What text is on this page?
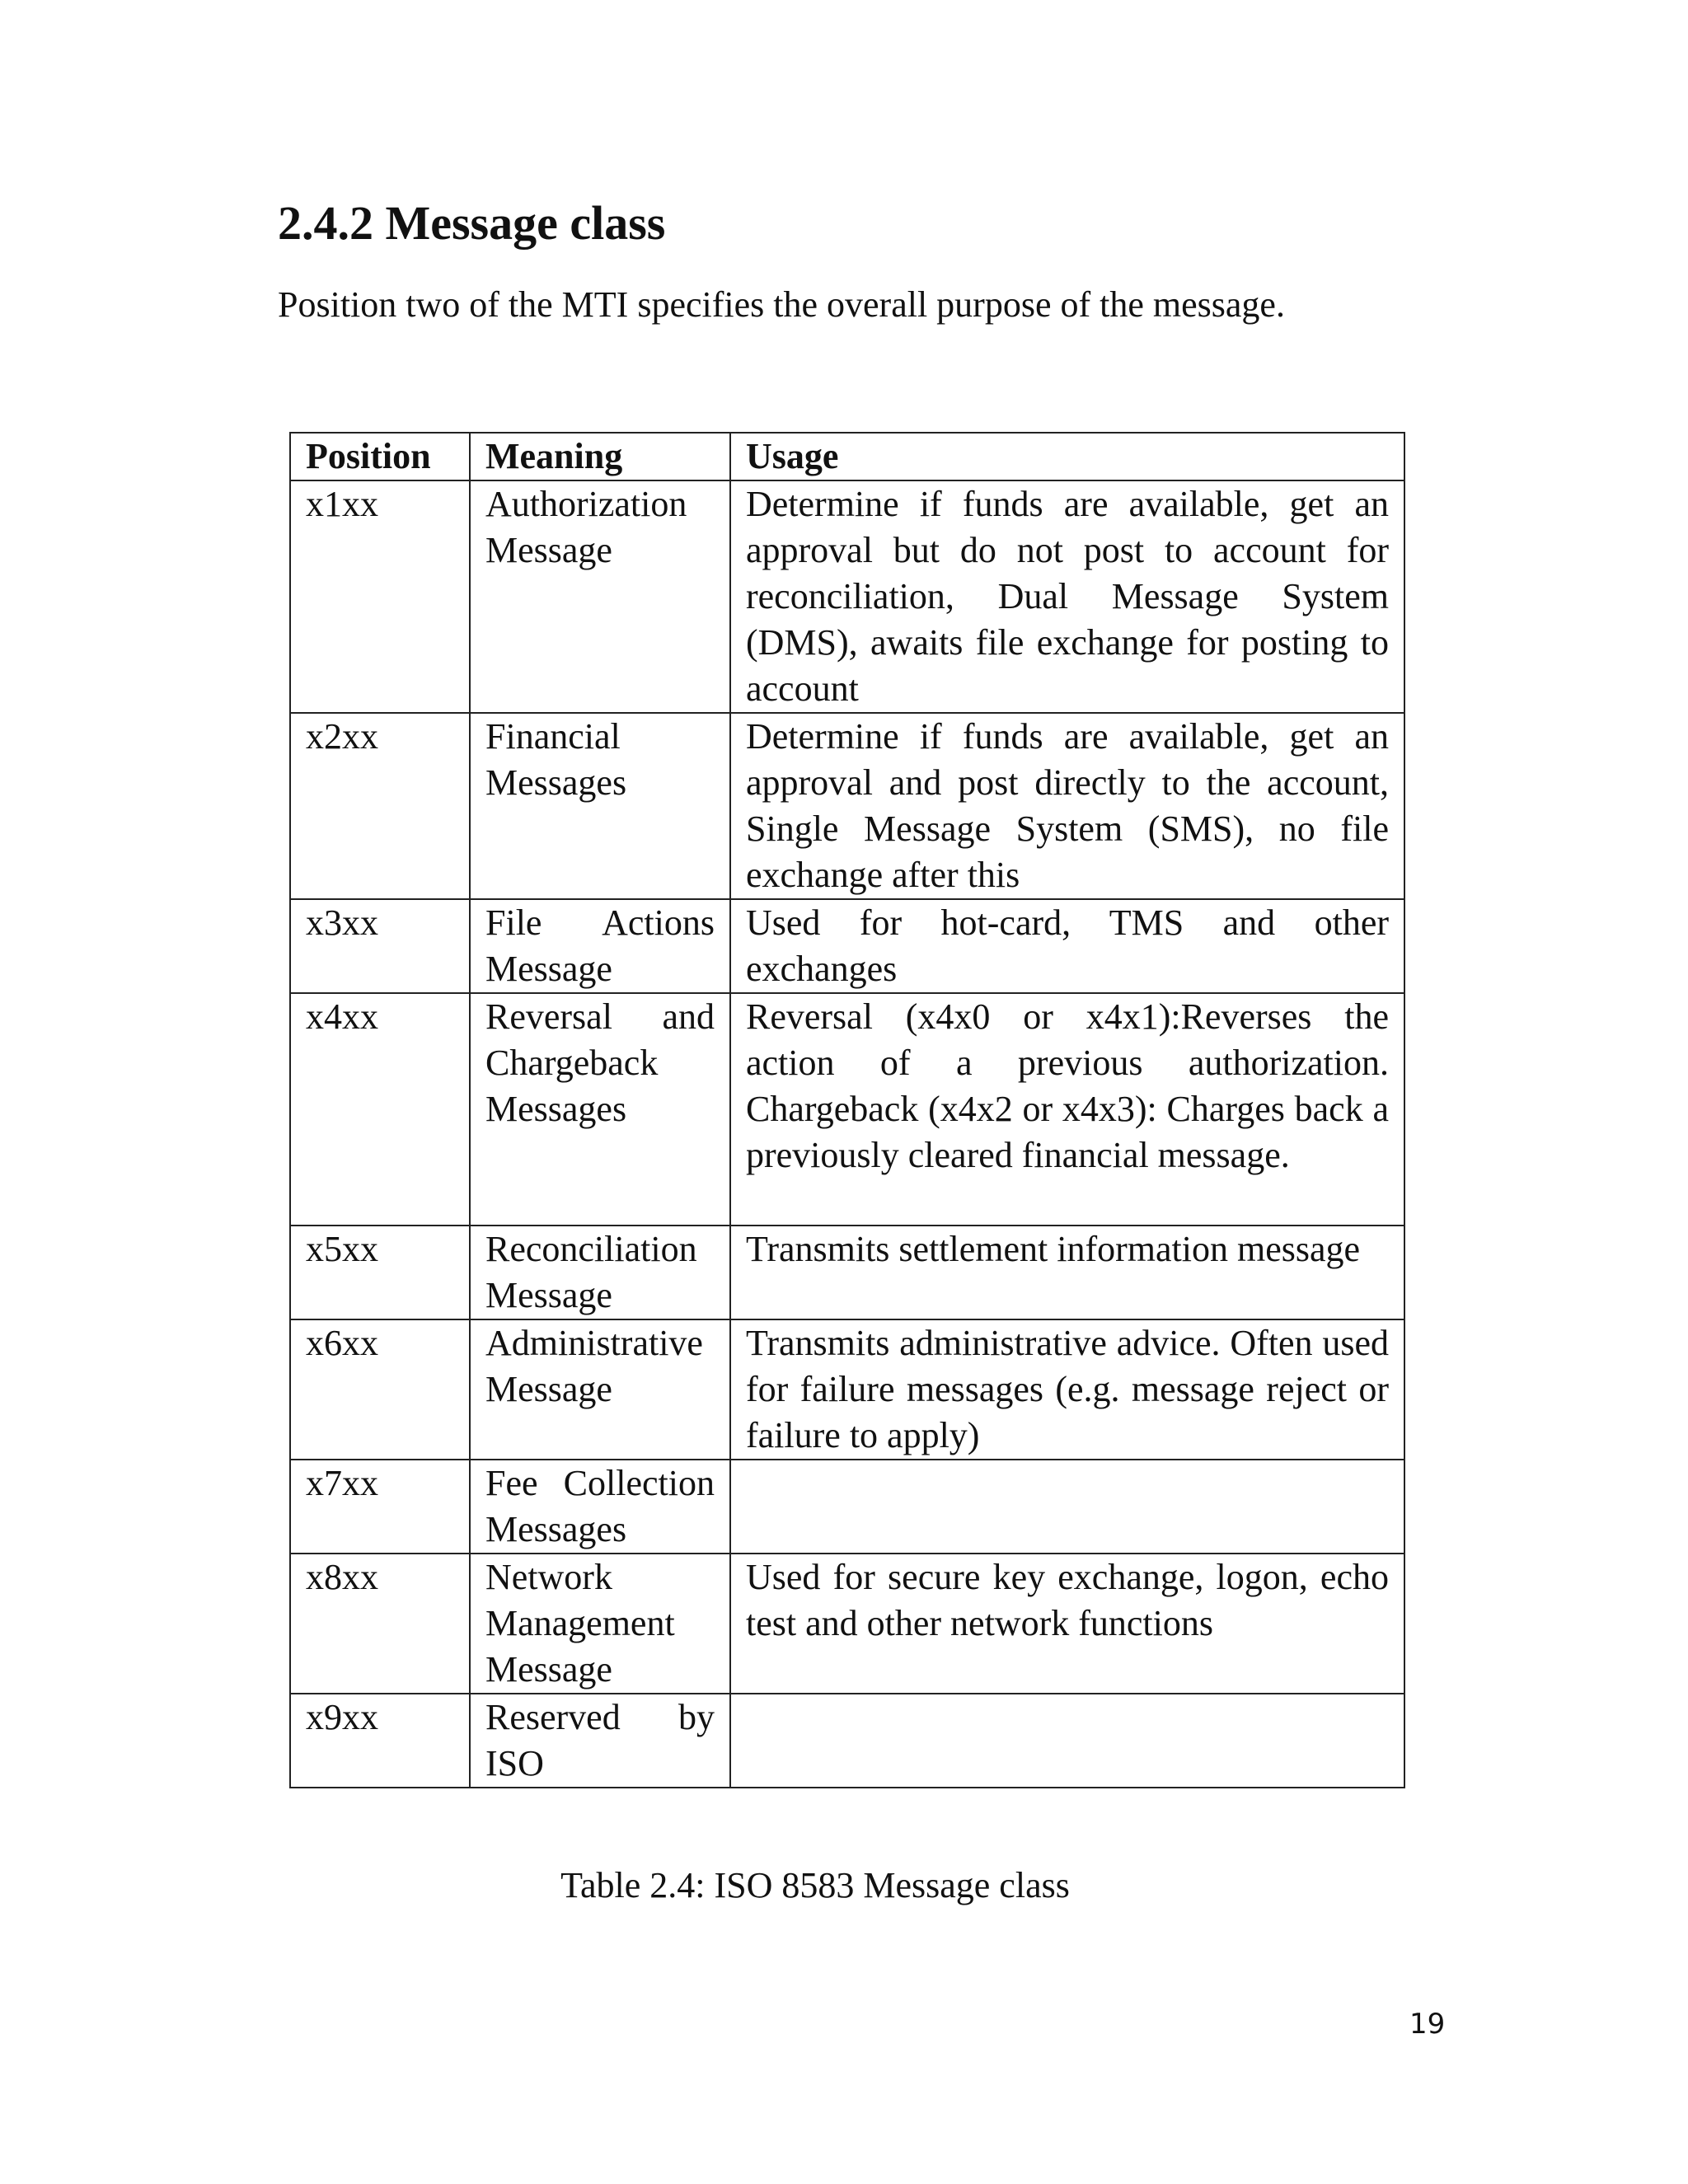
2.4.2 Message class

Position two of the MTI specifies the overall purpose of the message.

Position	Meaning	Usage
x1xx	Authorization Message	Determine if funds are available, get an approval but do not post to account for reconciliation, Dual Message System (DMS), awaits file exchange for posting to account
x2xx	Financial Messages	Determine if funds are available, get an approval and post directly to the account, Single Message System (SMS), no file exchange after this
x3xx	File Actions Message	Used for hot-card, TMS and other exchanges
x4xx	Reversal and Chargeback Messages	Reversal (x4x0 or x4x1):Reverses the action of a previous authorization. Chargeback (x4x2 or x4x3): Charges back a previously cleared financial message.
x5xx	Reconciliation Message	Transmits settlement information message
x6xx	Administrative Message	Transmits administrative advice. Often used for failure messages (e.g. message reject or failure to apply)
x7xx	Fee Collection Messages	
x8xx	Network Management Message	Used for secure key exchange, logon, echo test and other network functions
x9xx	Reserved by ISO	

Table 2.4: ISO 8583 Message class

19
